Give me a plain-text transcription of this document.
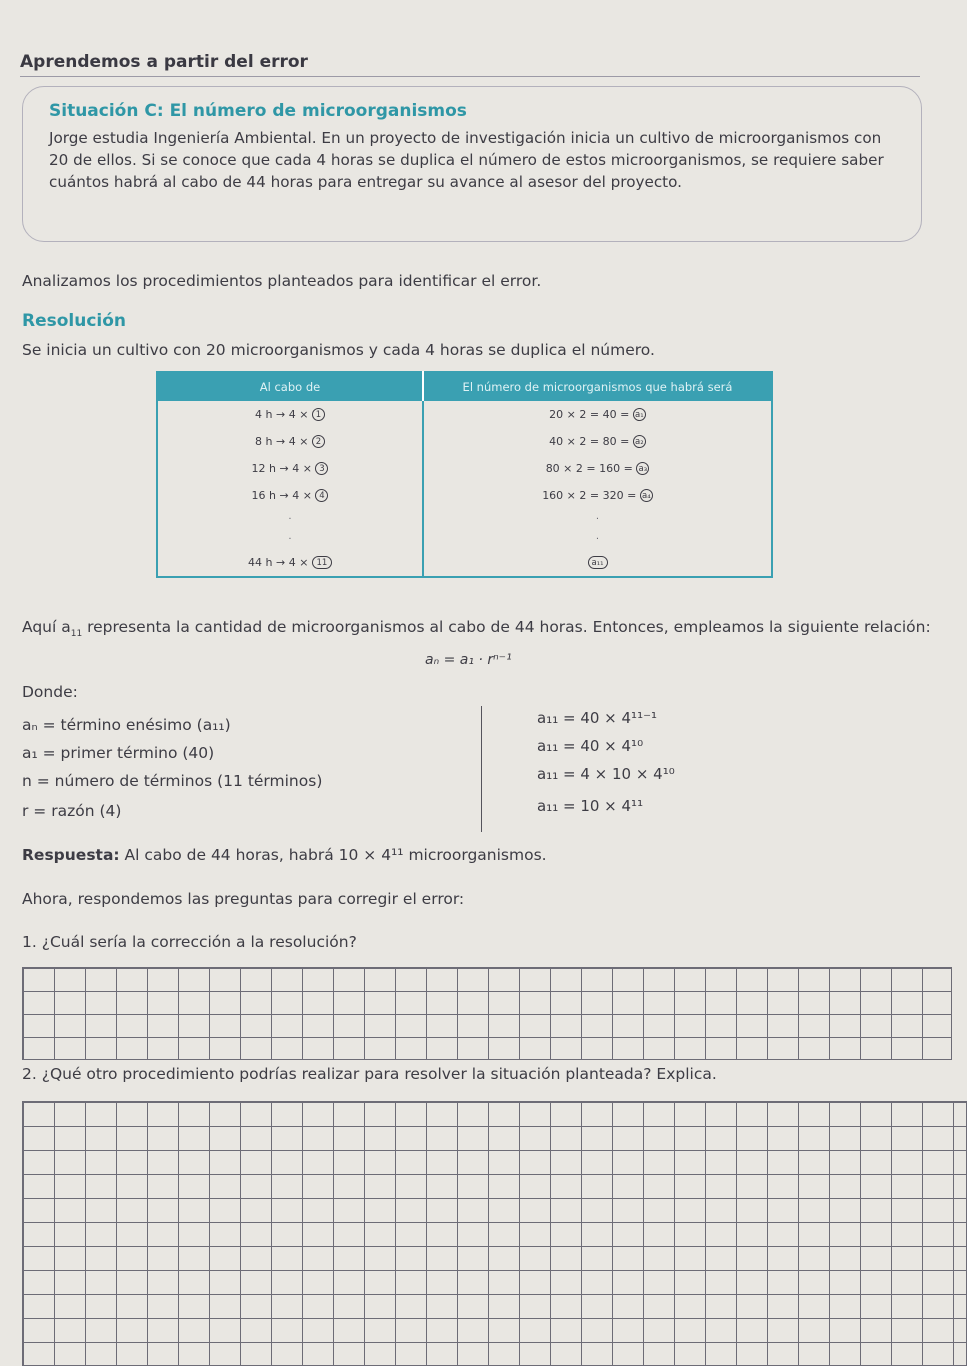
Aprendemos a partir del error
Situación C: El número de microorganismos

Jorge estudia Ingeniería Ambiental. En un proyecto de investigación inicia un cultivo de microorganismos con 20 de ellos. Si se conoce que cada 4 horas se duplica el número de estos microorganismos, se requiere saber cuántos habrá al cabo de 44 horas para entregar su avance al asesor del proyecto.

Analizamos los procedimientos planteados para identificar el error.
Resolución
Se inicia un cultivo con 20 microorganismos y cada 4 horas se duplica el número.
Al cabo de	El número de microorganismos que habrá será
4 h → 4 × 1	20 × 2 = 40 = a₁
8 h → 4 × 2	40 × 2 = 80 = a₂
12 h → 4 × 3	80 × 2 = 160 = a₃
16 h → 4 × 4	160 × 2 = 320 = a₄
·	·
·	·
44 h → 4 × 11	a₁₁

Aquí $a_{11}$ representa la cantidad de microorganismos al cabo de 44 horas. Entonces, empleamos la siguiente relación:

aₙ = a₁ · rⁿ⁻¹
Donde:
aₙ = término enésimo (a₁₁)
a₁ = primer término (40)
n = número de términos (11 términos)
r = razón (4)
a₁₁ = 40 × 4¹¹⁻¹
a₁₁ = 40 × 4¹⁰
a₁₁ = 4 × 10 × 4¹⁰
a₁₁ = 10 × 4¹¹
Respuesta: Al cabo de 44 horas, habrá 10 × 4¹¹ microorganismos.
Ahora, respondemos las preguntas para corregir el error:
1. ¿Cuál sería la corrección a la resolución?
2. ¿Qué otro procedimiento podrías realizar para resolver la situación planteada? Explica.
